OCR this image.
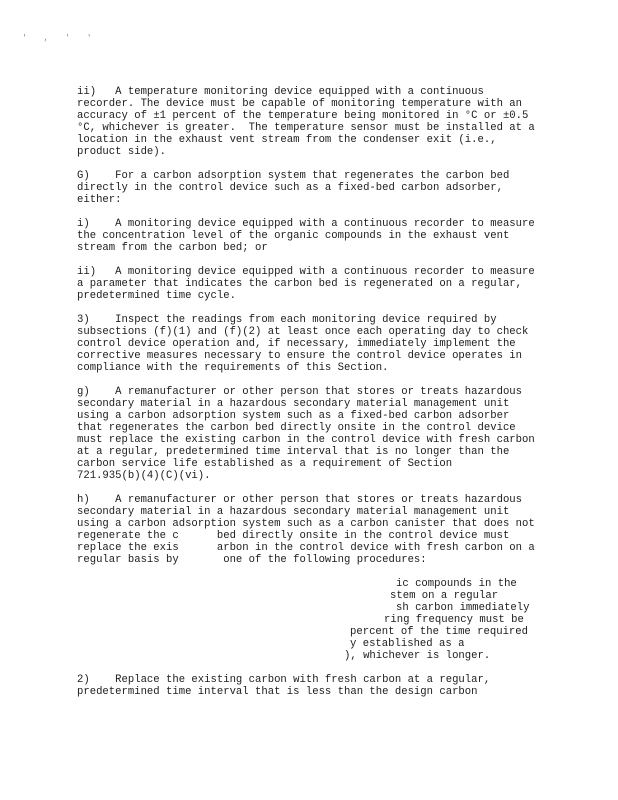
' , ' '

ii)   A temperature monitoring device equipped with a continuous
recorder. The device must be capable of monitoring temperature with an
accuracy of ±1 percent of the temperature being monitored in °C or ±0.5
°C, whichever is greater.  The temperature sensor must be installed at a
location in the exhaust vent stream from the condenser exit (i.e.,
product side).

G)    For a carbon adsorption system that regenerates the carbon bed
directly in the control device such as a fixed-bed carbon adsorber,
either:

i)    A monitoring device equipped with a continuous recorder to measure
the concentration level of the organic compounds in the exhaust vent
stream from the carbon bed; or

ii)   A monitoring device equipped with a continuous recorder to measure
a parameter that indicates the carbon bed is regenerated on a regular,
predetermined time cycle.

3)    Inspect the readings from each monitoring device required by
subsections (f)(1) and (f)(2) at least once each operating day to check
control device operation and, if necessary, immediately implement the
corrective measures necessary to ensure the control device operates in
compliance with the requirements of this Section.

g)    A remanufacturer or other person that stores or treats hazardous
secondary material in a hazardous secondary material management unit
using a carbon adsorption system such as a fixed-bed carbon adsorber
that regenerates the carbon bed directly onsite in the control device
must replace the existing carbon in the control device with fresh carbon
at a regular, predetermined time interval that is no longer than the
carbon service life established as a requirement of Section
721.935(b)(4)(C)(vi).

h)    A remanufacturer or other person that stores or treats hazardous
secondary material in a hazardous secondary material management unit
using a carbon adsorption system such as a carbon canister that does not
regenerate the c      bed directly onsite in the control device must
replace the exis      arbon in the control device with fresh carbon on a
regular basis by       one of the following procedures:

ic compounds in the

stem on a regular

sh carbon immediately

ring frequency must be

percent of the time required

y established as a

), whichever is longer.

2)    Replace the existing carbon with fresh carbon at a regular,
predetermined time interval that is less than the design carbon
